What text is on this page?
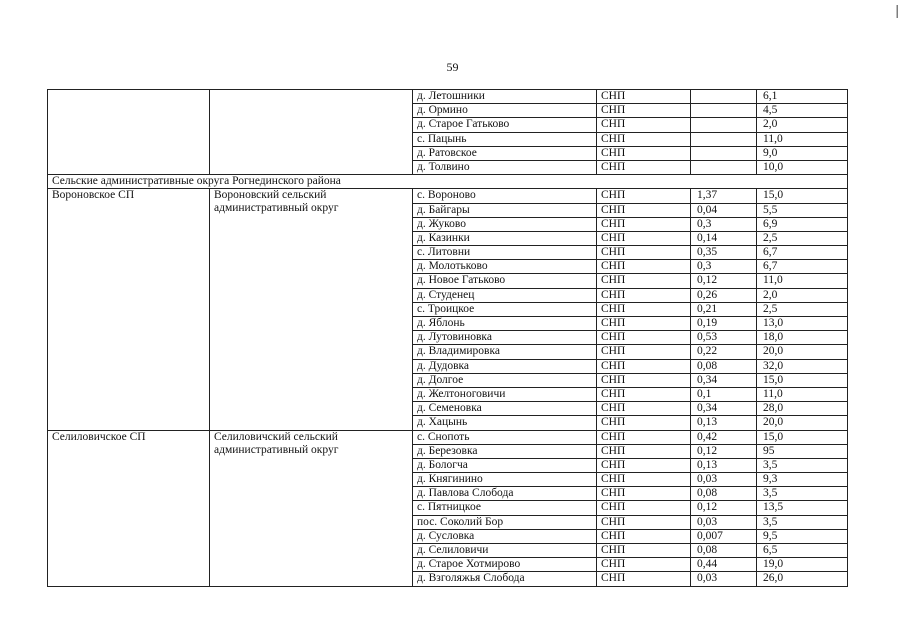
|
59
		д. Летошники	СНП		6,1
		д. Ормино	СНП		4,5
		д. Старое Гатьково	СНП		2,0
		с. Пацынь	СНП		11,0
		д. Ратовское	СНП		9,0
		д. Толвино	СНП		10,0
Сельские административные округа Рогнединского района					
Вороновское СП	Вороновский сельский административный округ	с. Вороново	СНП	1,37	15,0
		д. Байгары	СНП	0,04	5,5
		д. Жуково	СНП	0,3	6,9
		д. Казинки	СНП	0,14	2,5
		с. Литовни	СНП	0,35	6,7
		д. Молотьково	СНП	0,3	6,7
		д. Новое Гатьково	СНП	0,12	11,0
		д. Студенец	СНП	0,26	2,0
		с. Троицкое	СНП	0,21	2,5
		д. Яблонь	СНП	0,19	13,0
		д. Лутовиновка	СНП	0,53	18,0
		д. Владимировка	СНП	0,22	20,0
		д. Дудовка	СНП	0,08	32,0
		д. Долгое	СНП	0,34	15,0
		д. Желтоноговичи	СНП	0,1	11,0
		д. Семеновка	СНП	0,34	28,0
		д. Хацынь	СНП	0,13	20,0
Селиловичское СП	Селиловичский сельский административный округ	с. Снопоть	СНП	0,42	15,0
		д. Березовка	СНП	0,12	95
		д. Бологча	СНП	0,13	3,5
		д. Княгинино	СНП	0,03	9,3
		д. Павлова Слобода	СНП	0,08	3,5
		с. Пятницкое	СНП	0,12	13,5
		пос. Соколий Бор	СНП	0,03	3,5
		д. Сусловка	СНП	0,007	9,5
		д. Селиловичи	СНП	0,08	6,5
		д. Старое Хотмирово	СНП	0,44	19,0
		д. Взголяжья Слобода	СНП	0,03	26,0
